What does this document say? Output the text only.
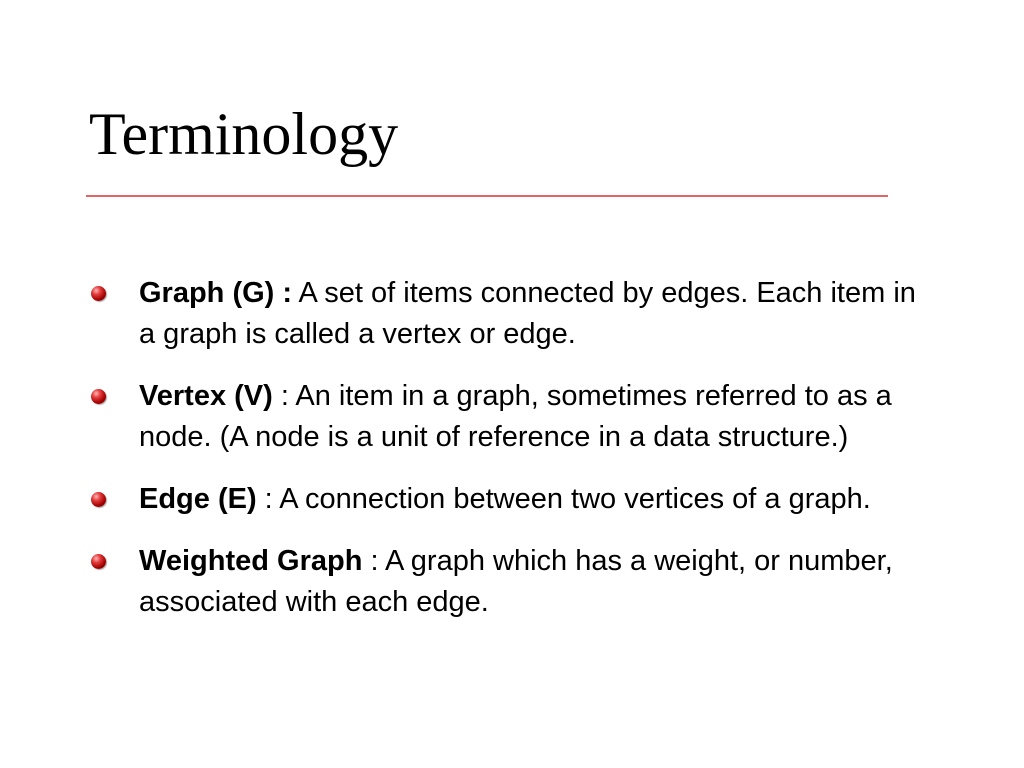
Terminology
Graph (G) : A set of items connected by edges. Each item in a graph is called a vertex or edge.
Vertex (V) : An item in a graph, sometimes referred to as a node. (A node is a unit of reference in a data structure.)
Edge (E) : A connection between two vertices of a graph.
Weighted Graph : A graph which has a weight, or number, associated with each edge.
